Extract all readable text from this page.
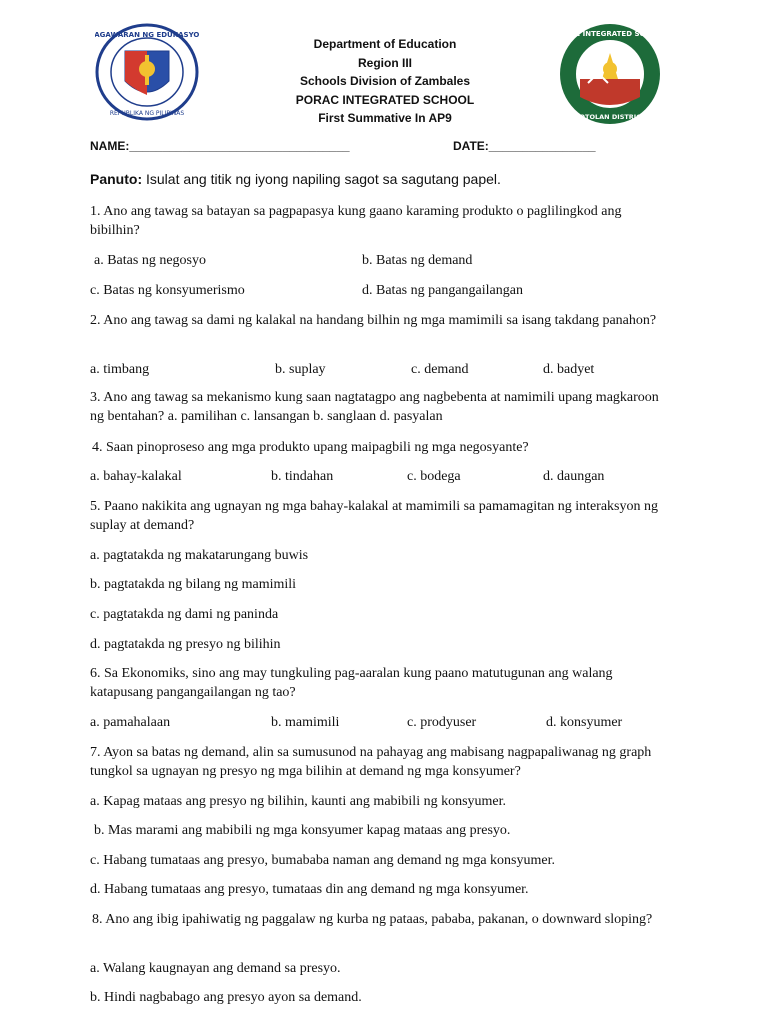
KAGAWARAN NG EDUKASYON
REPUBLIKA NG PILIPINAS
PORAC INTEGRATED SCHOOL
BOTOLAN DISTRICT
Department of Education
Region III
Schools Division of Zambales
PORAC INTEGRATED SCHOOL
First Summative In AP9
NAME:_________________________________	DATE:________________
Panuto: Isulat ang titik ng iyong napiling sagot sa sagutang papel.
1. Ano ang tawag sa batayan sa pagpapasya kung gaano karaming produkto o paglilingkod ang bibilhin?
a. Batas ng negosyo	b. Batas ng demand
c. Batas ng konsyumerismo	d. Batas ng pangangailangan
2. Ano ang tawag sa dami ng kalakal na handang bilhin ng mga mamimili sa isang takdang panahon?
a. timbang	b. suplay	c. demand	d. badyet
3. Ano ang tawag sa mekanismo kung saan nagtatagpo ang nagbebenta at namimili upang magkaroon ng bentahan? a. pamilihan c. lansangan b. sanglaan d. pasyalan
4. Saan pinoproseso ang mga produkto upang maipagbili ng mga negosyante?
a. bahay-kalakal	b. tindahan	c. bodega	d. daungan
5. Paano nakikita ang ugnayan ng mga bahay-kalakal at mamimili sa pamamagitan ng interaksyon ng suplay at demand?
a. pagtatakda ng makatarungang buwis
b. pagtatakda ng bilang ng mamimili
c. pagtatakda ng dami ng paninda
d. pagtatakda ng presyo ng bilihin
6. Sa Ekonomiks, sino ang may tungkuling pag-aaralan kung paano matutugunan ang walang katapusang pangangailangan ng tao?
a. pamahalaan	b. mamimili	c. prodyuser	d. konsyumer
7. Ayon sa batas ng demand, alin sa sumusunod na pahayag ang mabisang nagpapaliwanag ng graph tungkol sa ugnayan ng presyo ng mga bilihin at demand ng mga konsyumer?
a. Kapag mataas ang presyo ng bilihin, kaunti ang mabibili ng konsyumer.
b. Mas marami ang mabibili ng mga konsyumer kapag mataas ang presyo.
c. Habang tumataas ang presyo, bumababa naman ang demand ng mga konsyumer.
d. Habang tumataas ang presyo, tumataas din ang demand ng mga konsyumer.
8. Ano ang ibig ipahiwatig ng paggalaw ng kurba ng pataas, pababa, pakanan, o downward sloping?
a. Walang kaugnayan ang demand sa presyo.
b. Hindi nagbabago ang presyo ayon sa demand.
